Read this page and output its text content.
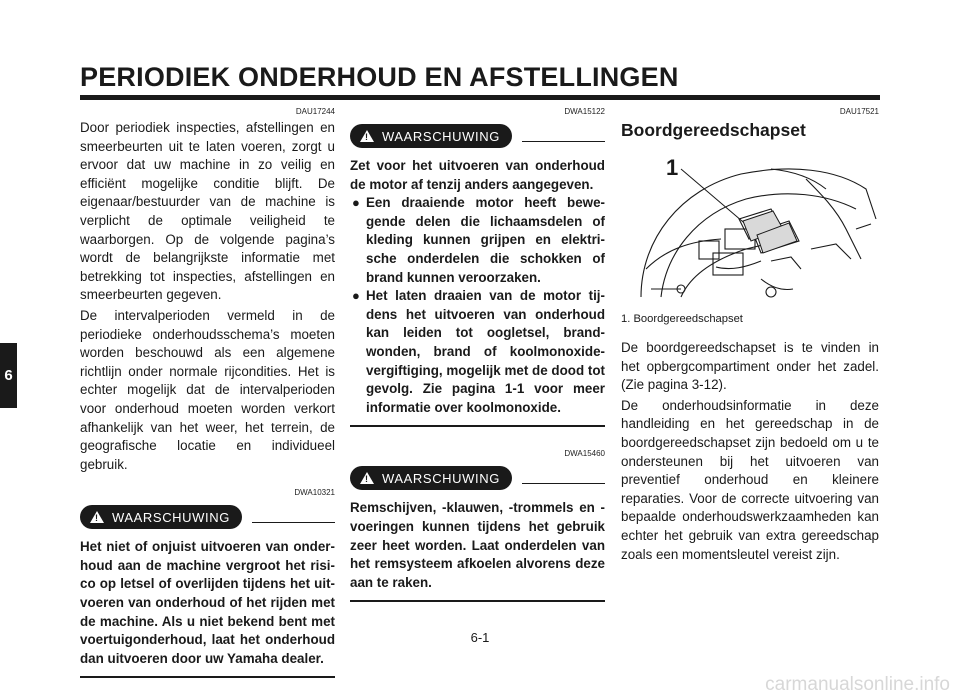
PERIODIEK ONDERHOUD EN AFSTELLINGEN
6
DAU17244

Door periodiek inspecties, afstellingen en smeerbeurten uit te laten voeren, zorgt u ervoor dat uw machine in zo veilig en efficiënt mogelijke conditie blijft. De eigenaar/bestuurder van de machine is verplicht de optimale veiligheid te waarborgen. Op de volgende pagina’s wordt de belangrijkste informatie met betrekking tot inspecties, afstellingen en smeerbeurten gegeven.

De intervalperioden vermeld in de periodieke onderhoudsschema’s moeten worden beschouwd als een algemene richtlijn onder normale rijcondities. Het is echter mogelijk dat de intervalperioden voor onderhoud moeten worden verkort afhankelijk van het weer, het terrein, de geografische locatie en individueel gebruik.

DWA10321
! WAARSCHUWING
Het niet of onjuist uitvoeren van onderhoud aan de machine vergroot het risico op letsel of overlijden tijdens het uitvoeren van onderhoud of het rijden met de machine. Als u niet bekend bent met voertuigonderhoud, laat het onderhoud dan uitvoeren door uw Yamaha dealer.
DWA15122
! WAARSCHUWING
Zet voor het uitvoeren van onderhoud de motor af tenzij anders aangegeven.
● Een draaiende motor heeft bewegende delen die lichaamsdelen of kleding kunnen grijpen en elektrische onderdelen die schokken of brand kunnen veroorzaken.
● Het laten draaien van de motor tijdens het uitvoeren van onderhoud kan leiden tot oogletsel, brandwonden, brand of koolmonoxidevergiftiging, mogelijk met de dood tot gevolg. Zie pagina 1-1 voor meer informatie over koolmonoxide.
DWA15460
! WAARSCHUWING
Remschijven, -klauwen, -trommels en -voeringen kunnen tijdens het gebruik zeer heet worden. Laat onderdelen van het remsysteem afkoelen alvorens deze aan te raken.
DAU17521
Boordgereedschapset
1
1. Boordgereedschapset

De boordgereedschapset is te vinden in het opbergcompartiment onder het zadel. (Zie pagina 3-12).

De onderhoudsinformatie in deze handleiding en het gereedschap in de boordgereedschapset zijn bedoeld om u te ondersteunen bij het uitvoeren van preventief onderhoud en kleinere reparaties. Voor de correcte uitvoering van bepaalde onderhoudswerkzaamheden kan echter het gebruik van extra gereedschap zoals een momentsleutel vereist zijn.

6-1
carmanualsonline.info
